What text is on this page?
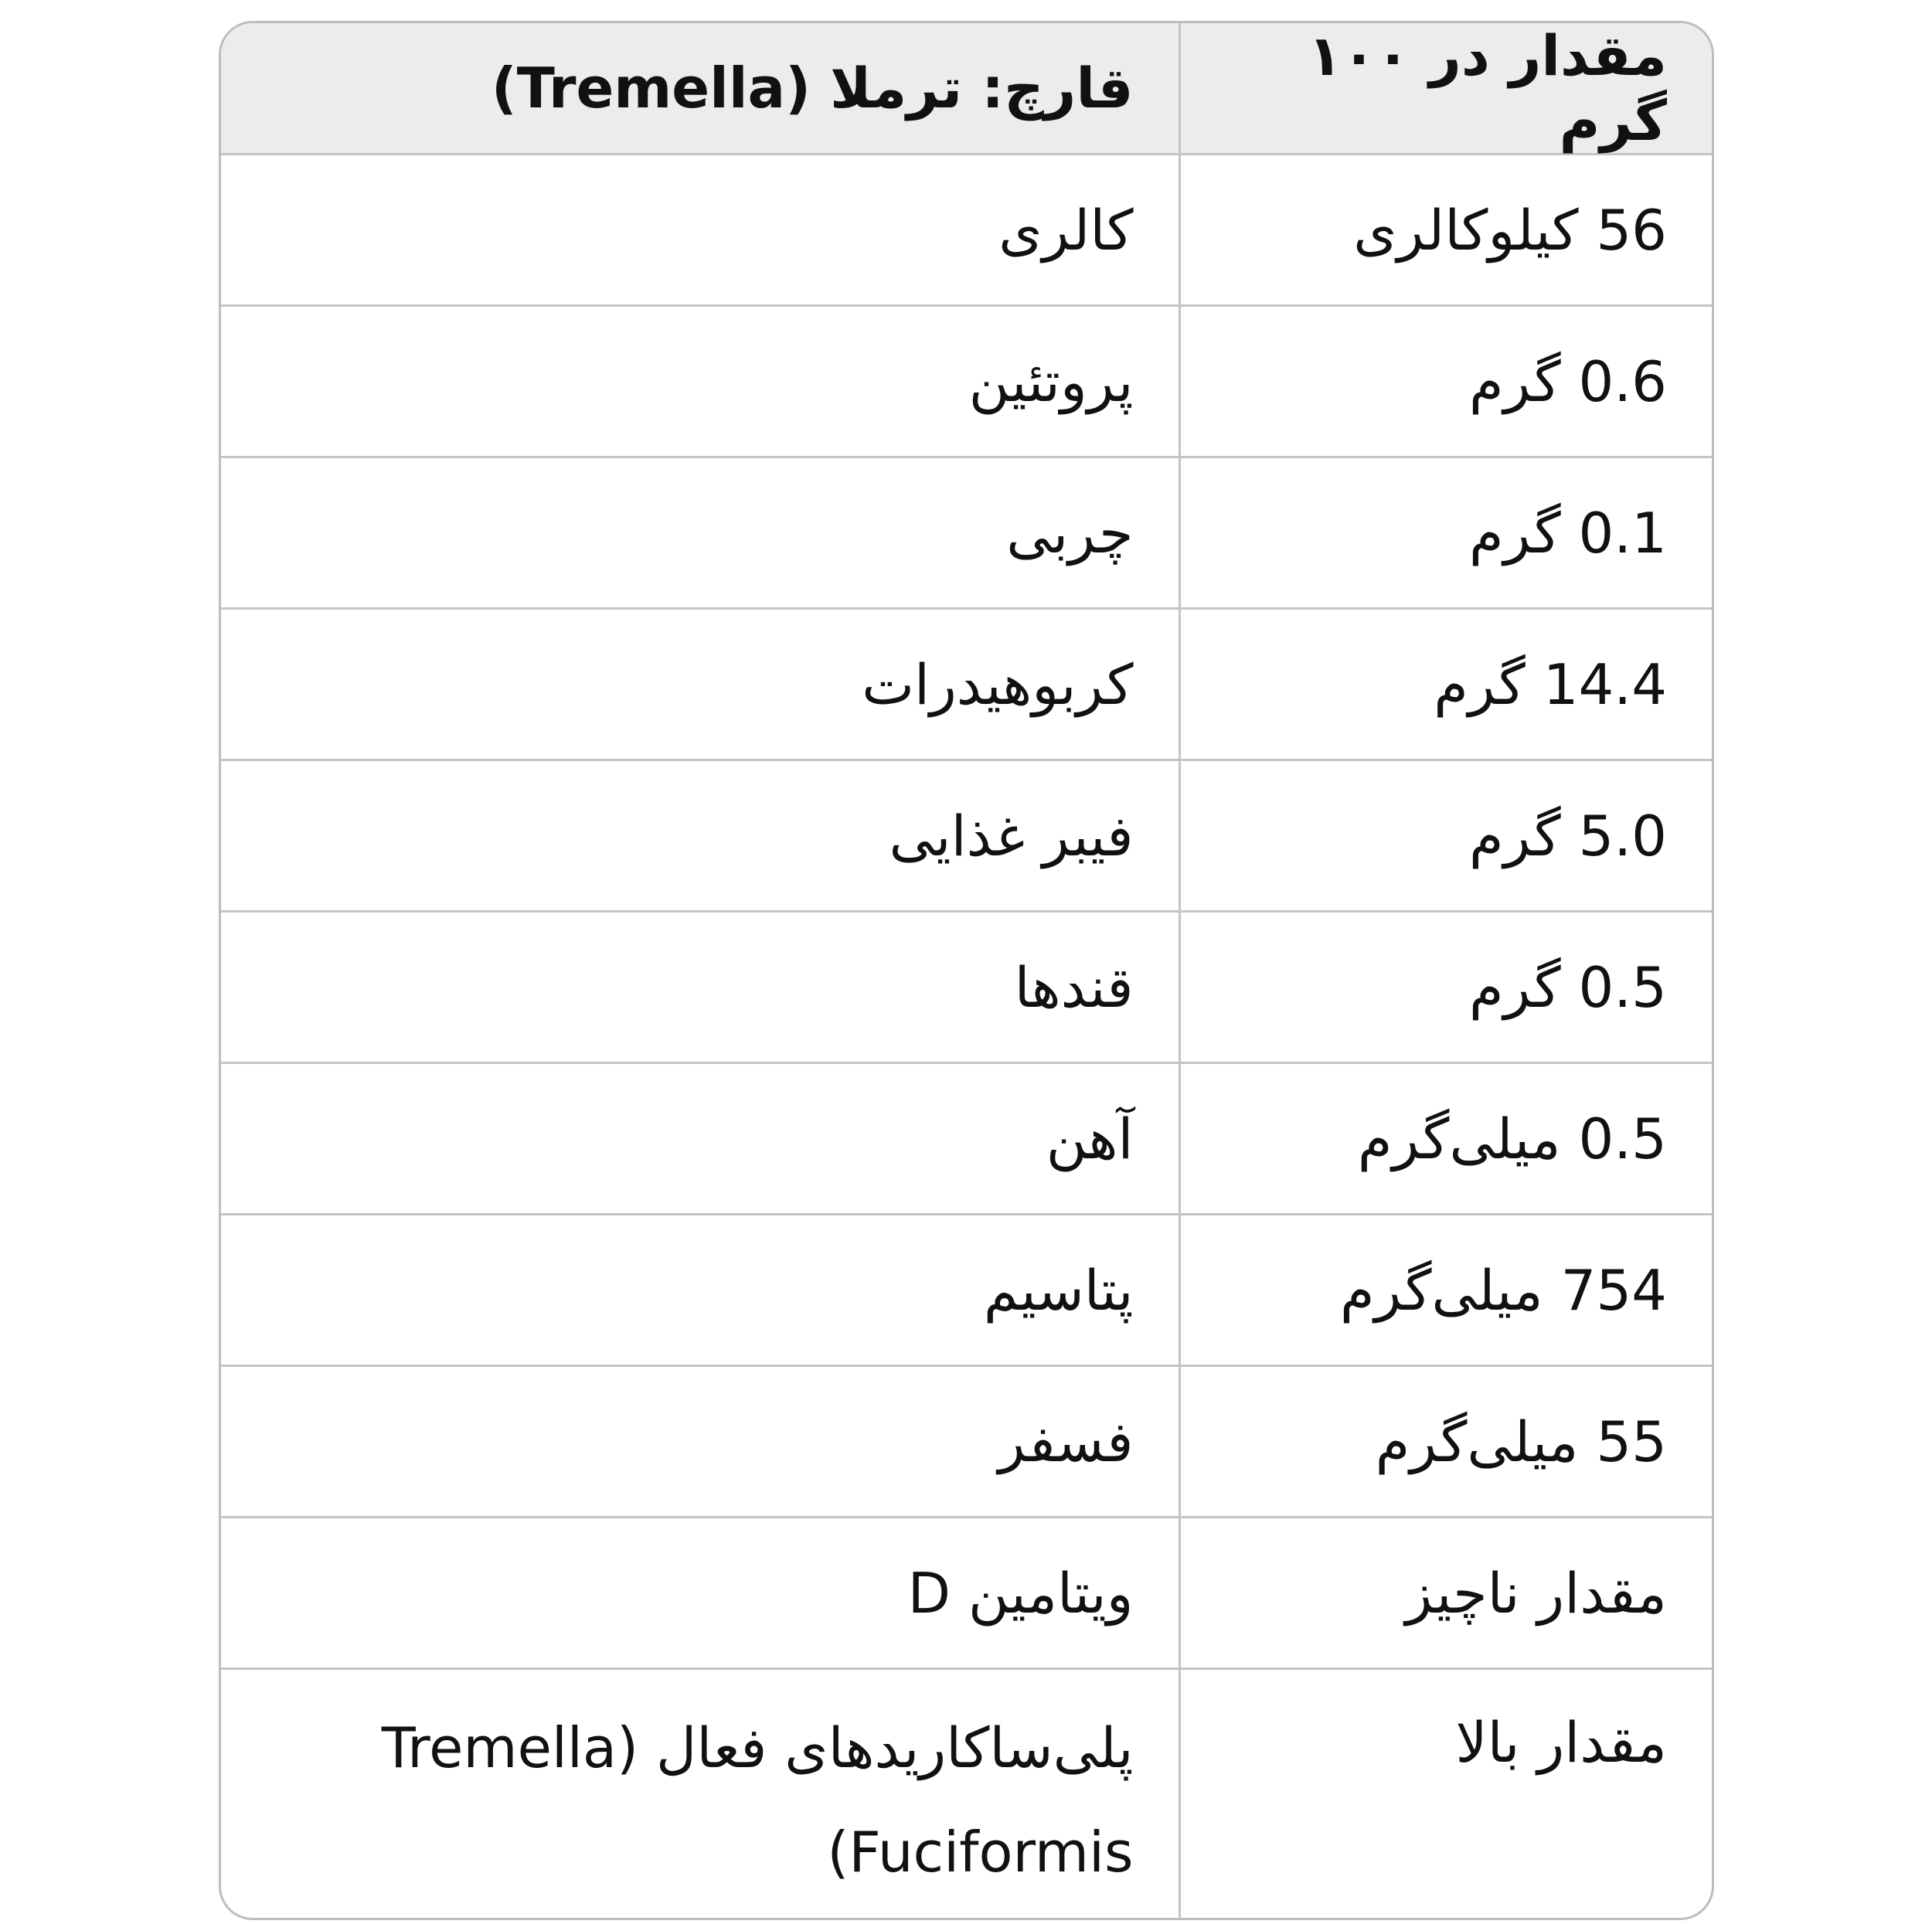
مقدار در ۱۰۰ گرم	قارچ: ترملا (Tremella)
56 کیلوکالری	کالری
0.6 گرم	پروتئین
0.1 گرم	چربی
14.4 گرم	کربوهیدرات
5.0 گرم	فیبر غذایی
0.5 گرم	قندها
0.5 میلی‌گرم	آهن
754 میلی‌گرم	پتاسیم
55 میلی‌گرم	فسفر
مقدار ناچیز	ویتامین D
مقدار بالا	پلی‌ساکاریدهای فعال (Tremella Fuciformis)
